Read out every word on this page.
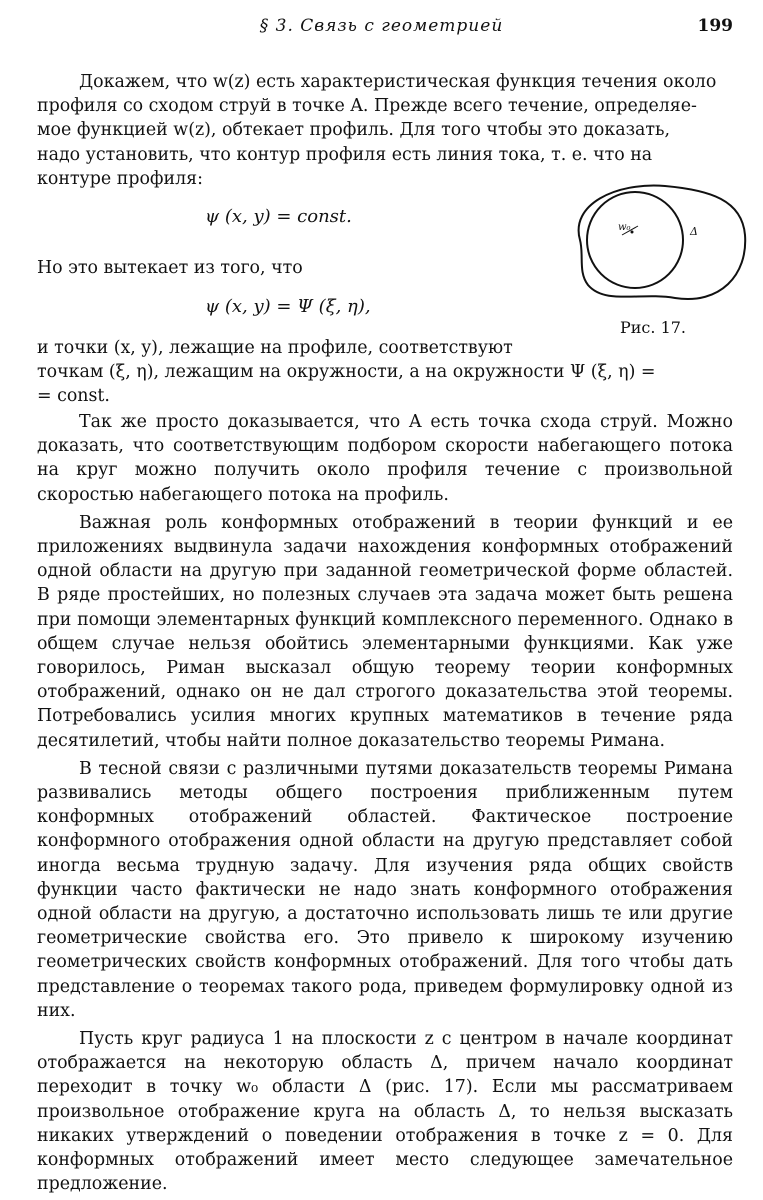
§ 3. Связь с геометрией	199

Докажем, что w(z) есть характеристическая функция течения около

профиля со сходом струй в точке A. Прежде всего течение, определяе-

мое функцией w(z), обтекает профиль. Для того чтобы это доказать,

надо установить, что контур профиля есть линия тока, т. е. что на

контуре профиля:

ψ (x, y) = const.

Но это вытекает из того, что

ψ (x, y) = Ψ (ξ, η),
w₀	Δ
Рис. 17.

и точки (x, y), лежащие на профиле, соответствуют

точкам (ξ, η), лежащим на окружности, а на окружности Ψ (ξ, η) =

= const.

Так же просто доказывается, что A есть точка схода струй. Можно доказать, что соответствующим подбором скорости набегающего потока на круг можно получить около профиля течение с произвольной скоростью набегающего потока на профиль.

Важная роль конформных отображений в теории функций и ее приложениях выдвинула задачи нахождения конформных отображений одной области на другую при заданной геометрической форме областей. В ряде простейших, но полезных случаев эта задача может быть решена при помощи элементарных функций комплексного переменного. Однако в общем случае нельзя обойтись элементарными функциями. Как уже говорилось, Риман высказал общую теорему теории конформных отображений, однако он не дал строгого доказательства этой теоремы. Потребовались усилия многих крупных математиков в течение ряда десятилетий, чтобы найти полное доказательство теоремы Римана.

В тесной связи с различными путями доказательств теоремы Римана развивались методы общего построения приближенным путем конформных отображений областей. Фактическое построение конформного отображения одной области на другую представляет собой иногда весьма трудную задачу. Для изучения ряда общих свойств функции часто фактически не надо знать конформного отображения одной области на другую, а достаточно использовать лишь те или другие геометрические свойства его. Это привело к широкому изучению геометрических свойств конформных отображений. Для того чтобы дать представление о теоремах такого рода, приведем формулировку одной из них.

Пусть круг радиуса 1 на плоскости z с центром в начале координат отображается на некоторую область Δ, причем начало координат переходит в точку w₀ области Δ (рис. 17). Если мы рассматриваем произвольное отображение круга на область Δ, то нельзя высказать никаких утверждений о поведении отображения в точке z = 0. Для конформных отображений имеет место следующее замечательное предложение.
